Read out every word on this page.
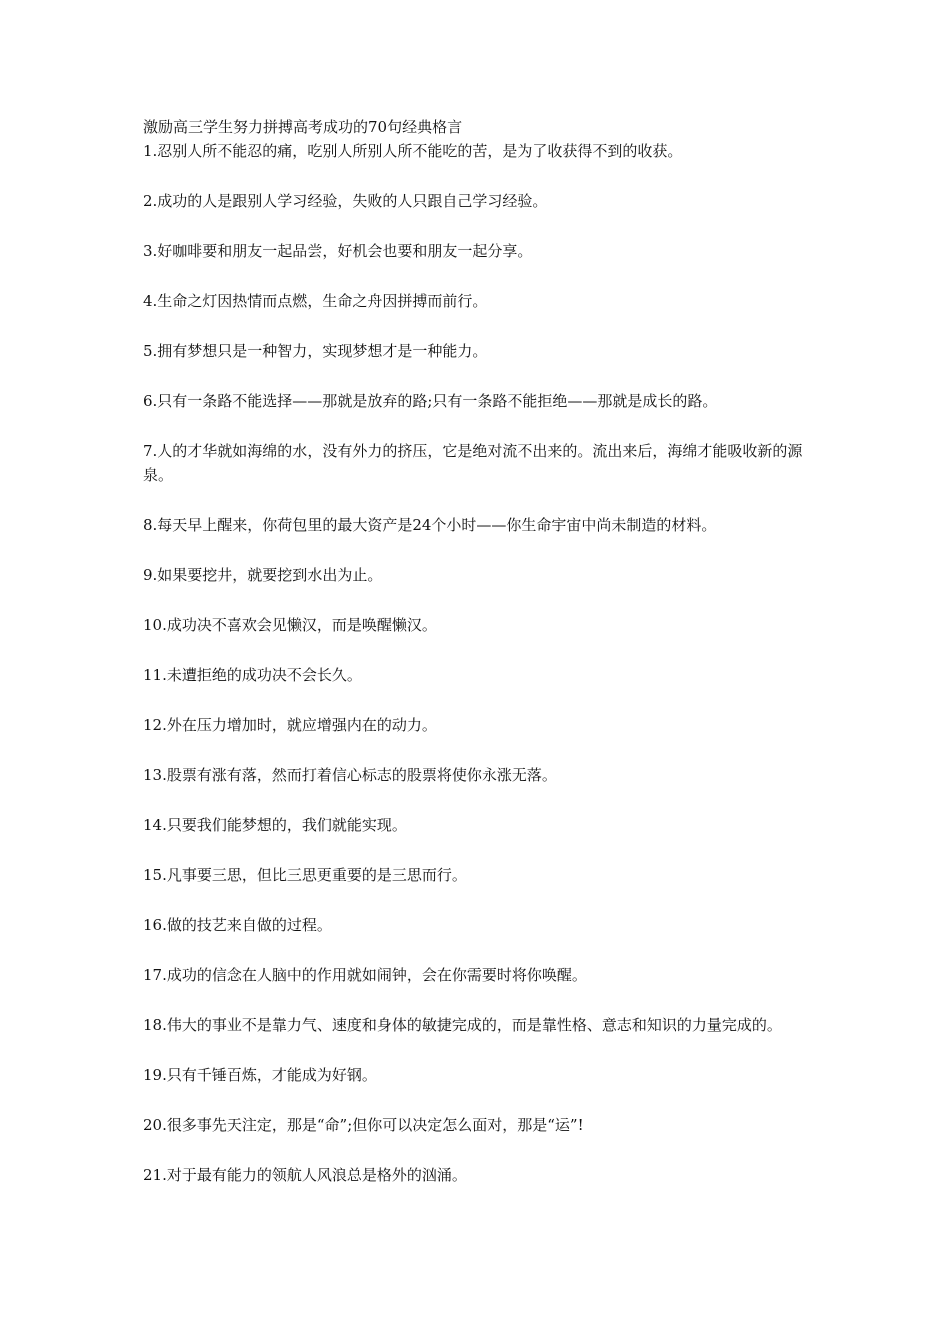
激励高三学生努力拼搏高考成功的70句经典格言
1.忍别人所不能忍的痛，吃别人所别人所不能吃的苦，是为了收获得不到的收获。
2.成功的人是跟别人学习经验，失败的人只跟自己学习经验。
3.好咖啡要和朋友一起品尝，好机会也要和朋友一起分享。
4.生命之灯因热情而点燃，生命之舟因拼搏而前行。
5.拥有梦想只是一种智力，实现梦想才是一种能力。
6.只有一条路不能选择——那就是放弃的路;只有一条路不能拒绝——那就是成长的路。
7.人的才华就如海绵的水，没有外力的挤压，它是绝对流不出来的。流出来后，海绵才能吸收新的源泉。
8.每天早上醒来，你荷包里的最大资产是24个小时——你生命宇宙中尚未制造的材料。
9.如果要挖井，就要挖到水出为止。
10.成功决不喜欢会见懒汉，而是唤醒懒汉。
11.未遭拒绝的成功决不会长久。
12.外在压力增加时，就应增强内在的动力。
13.股票有涨有落，然而打着信心标志的股票将使你永涨无落。
14.只要我们能梦想的，我们就能实现。
15.凡事要三思，但比三思更重要的是三思而行。
16.做的技艺来自做的过程。
17.成功的信念在人脑中的作用就如闹钟，会在你需要时将你唤醒。
18.伟大的事业不是靠力气、速度和身体的敏捷完成的，而是靠性格、意志和知识的力量完成的。
19.只有千锤百炼，才能成为好钢。
20.很多事先天注定，那是“命”;但你可以决定怎么面对，那是“运”!
21.对于最有能力的领航人风浪总是格外的汹涌。
